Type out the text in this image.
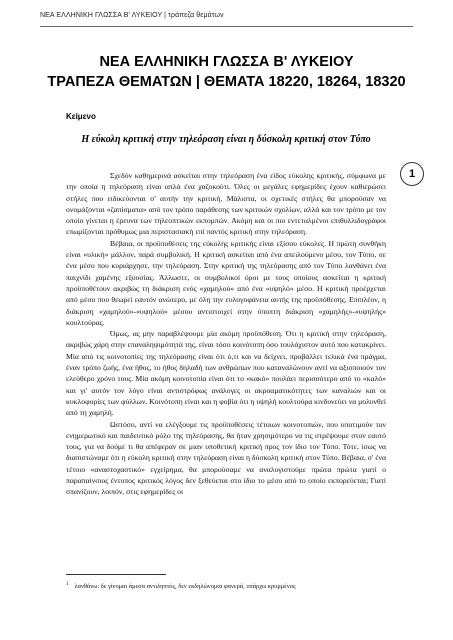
ΝΕΑ ΕΛΛΗΝΙΚΗ ΓΛΩΣΣΑ Β' ΛΥΚΕΙΟΥ | τράπεζα θεμάτων
ΝΕΑ ΕΛΛΗΝΙΚΗ ΓΛΩΣΣΑ Β' ΛΥΚΕΙΟΥ
ΤΡΑΠΕΖΑ ΘΕΜΑΤΩΝ | ΘΕΜΑΤΑ 18220, 18264, 18320
Κείμενο
Η εύκολη κριτική στην τηλεόραση είναι η δύσκολη κριτική στον Τύπο
1

Σχεδόν καθημερινά ασκείται στην τηλεόραση ένα είδος εύκολης κριτικής, σύμφωνα με την οποία η τηλεόραση είναι απλά ένα χαζοκούτι. Όλες οι μεγάλες εφημερίδες έχουν καθιερώσει στήλες που ειδικεύονται σ' αυτήν την κριτική. Μάλιστα, οι σχετικές στήλες θα μπορούσαν να ονομάζονται «ζαπίσματα» από τον τρόπο παράθεσης των κριτικών σχολίων, αλλά και τον τρόπο με τον οποίο γίνεται η έρευνα των τηλεοπτικών εκπομπών. Ακόμη και οι πιο εντεταλμένοι επιθυλλιδογράφοι επωμίζονται πρόθυμως μια περιστασιακή επί παντός κριτική στην τηλεόραση.

Βέβαια, οι προϋποθέσεις της εύκολης κριτικής είναι εξίσου εύκολες. Η πρώτη συνθήκη είναι «υλική» μάλλον, παρά συμβολική. Η κριτική ασκείται από ένα απειλούμενο μέσο, τον Τύπο, σε ένα μέσο που κυριάρχησε, την τηλεόραση. Στην κριτική της τηλεόρασης από τον Τύπο λανθάνει ένα παιχνίδι χαμένης εξουσίας. Άλλωστε, οι συμβολικοί όροι με τους οποίους ασκείται η κριτική προϋποθέτουν ακριβώς τη διάκριση ενός «χαμηλού» από ένα «υψηλό» μέσο. Η κριτική προέρχεται από μέσο που θεωρεί εαυτόν ανώτερο, με όλη την ευλογοφάνεια αυτής της προϋπόθεσης. Επιπλέον, η διάκριση «χαμηλού»-«υψηλού» μέσου αντιστοιχεί στην ύποπτη διάκριση «χαμηλής»-«υψηλής» κουλτούρας.

Όμως, ας μην παραβλέψουμε μία ακόμη προϋπόθεση. Ότι η κριτική στην τηλεόραση, ακριβώς χάρη στην επαναληψιμότητά της, είναι τόσο κοινότοπη όσο τουλάχιστον αυτό που κατακρίνει. Μία από τις κοινοτοπίες της τηλεόρασης είναι ότι ό,τι και να δείχνει, προβάλλει τελικά ένα πράγμα, έναν τρόπο ζωής, ένα ήθος, το ήθος δηλαδή των ανθρώπων που καταναλώνουν αντί να αξιοποιούν τον ελεύθερο χρόνο τους. Μία ακόμη κοινοτοπία είναι ότι το «κακό» πουλάει περισσότερο από το «καλό» και γι' αυτόν τον λόγο είναι αντιστρόφως ανάλογες οι ακροαματικότητες των καναλιών και οι κυκλοφορίες των φύλλων. Κοινότοπη είναι και η φοβία ότι η υψηλή κουλτούρα κινδυνεύει να μολυνθεί από τη χαμηλή.

Ωστόσο, αντί να ελέγξουμε τις προϋποθέσεις τέτοιων κοινοτοπιών, που υποτιμούν τον ενημερωτικό και παιδευτικό ρόλο της τηλεόρασης, θα ήταν χρησιμότερο να τις στρέψουμε στον εαυτό τους, για να δούμε τι θα απέφεραν σε μιαν υποθετική κριτική προς τον ίδιο τον Τύπο. Τότε, ίσως να διαπιστώναμε ότι η εύκολη κριτική στην τηλεόραση είναι η δύσκολη κριτική στον Τύπο. Βέβαια, σ' ένα τέτοιο «αναστοχαστικό» εγχείρημα, θα μπορούσαμε να αναλογιστούμε πρώτα πρώτα γιατί ο παραπαίνσιος έντυπος κριτικός λόγος δεν ξεθεύεται στο ίδιο το μέσο από το οποίο εκπορεύεται; Γιατί σπανίζουν, λοιπόν, στις εφημερίδες οι

$^1$ λανθάνω: δε γίνομαι άμεσα αντιληπτός, δεν εκδηλώνομαι φανερά, υπάρχω κρυμμένος
